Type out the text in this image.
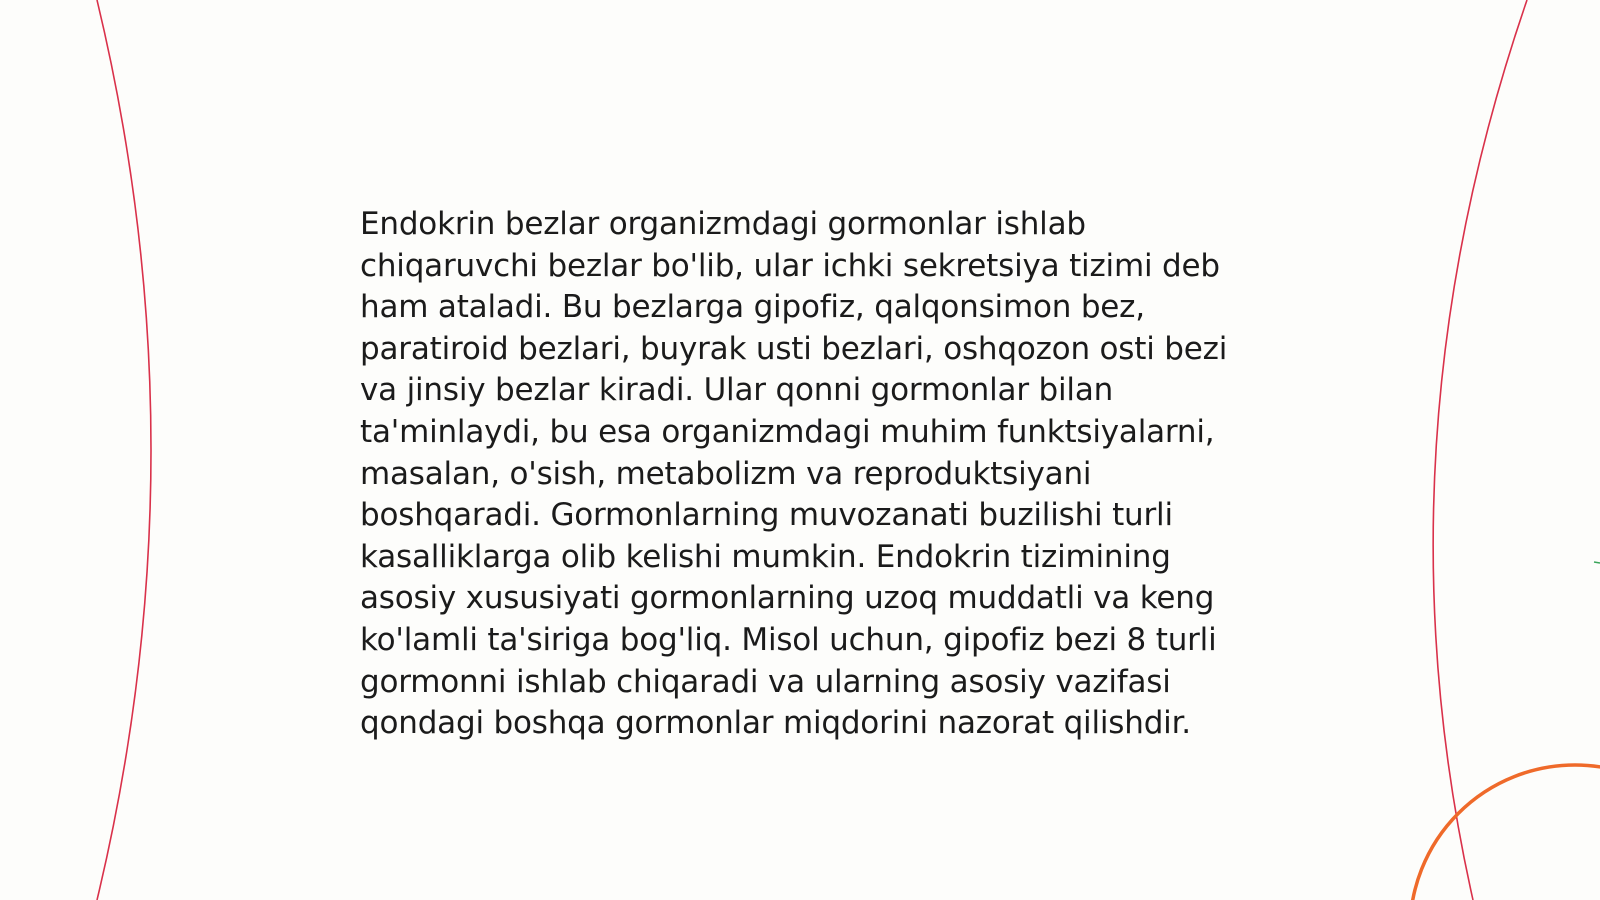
Endokrin bezlar organizmdagi gormonlar ishlab chiqaruvchi bezlar bo'lib, ular ichki sekretsiya tizimi deb ham ataladi. Bu bezlarga gipofiz, qalqonsimon bez, paratiroid bezlari, buyrak usti bezlari, oshqozon osti bezi va jinsiy bezlar kiradi. Ular qonni gormonlar bilan ta'minlaydi, bu esa organizmdagi muhim funktsiyalarni, masalan, o'sish, metabolizm va reproduktsiyani boshqaradi. Gormonlarning muvozanati buzilishi turli kasalliklarga olib kelishi mumkin. Endokrin tizimining asosiy xususiyati gormonlarning uzoq muddatli va keng ko'lamli ta'siriga bog'liq. Misol uchun, gipofiz bezi 8 turli gormonni ishlab chiqaradi va ularning asosiy vazifasi qondagi boshqa gormonlar miqdorini nazorat qilishdir.
